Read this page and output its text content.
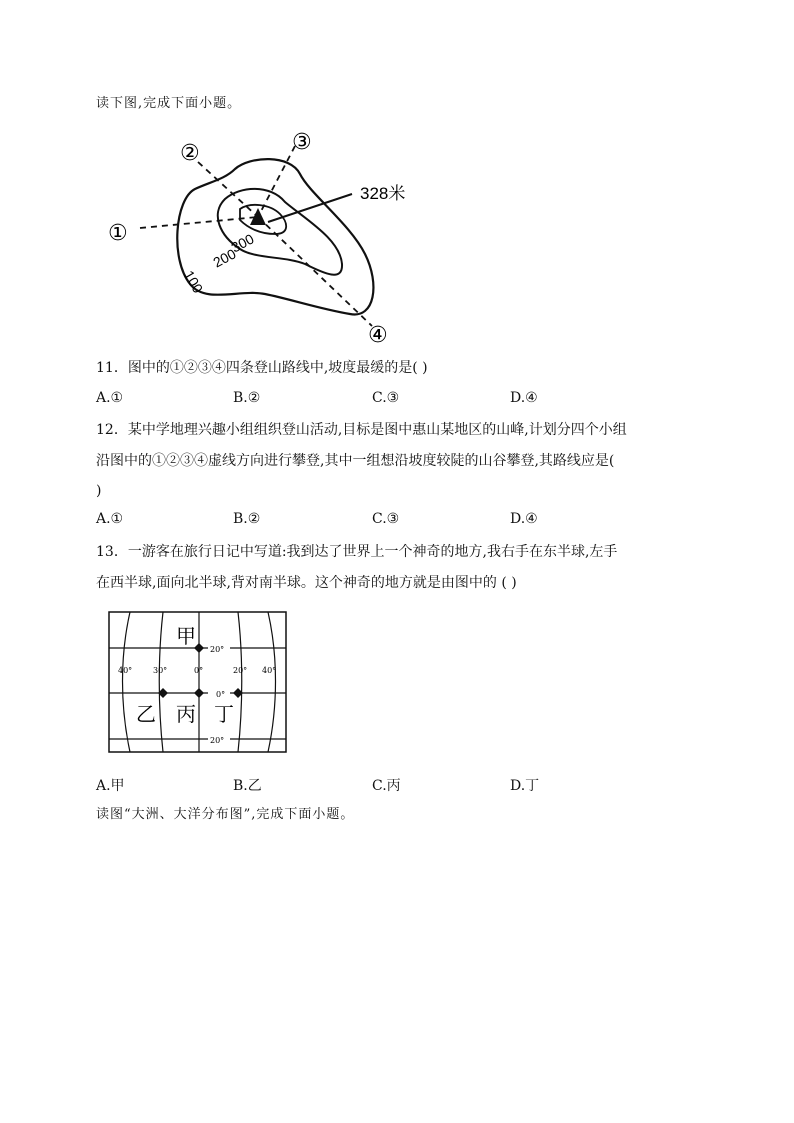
读下图,完成下面小题。
①
②	③
④
328米
300
200
100
11．图中的①②③④四条登山路线中,坡度最缓的是( )
A.①	B.②	C.③	D.④
12．某中学地理兴趣小组组织登山活动,目标是图中惠山某地区的山峰,计划分四个小组
沿图中的①②③④虚线方向进行攀登,其中一组想沿坡度较陡的山谷攀登,其路线应是(
)
A.①	B.②	C.③	D.④
13．一游客在旅行日记中写道:我到达了世界上一个神奇的地方,我右手在东半球,左手
在西半球,面向北半球,背对南半球。这个神奇的地方就是由图中的 ( )
20°
0°
20°
40°	30°	0°	20° 40°
甲
乙 丙 丁
A.甲	B.乙	C.丙	D.丁
读图“大洲、大洋分布图”,完成下面小题。
